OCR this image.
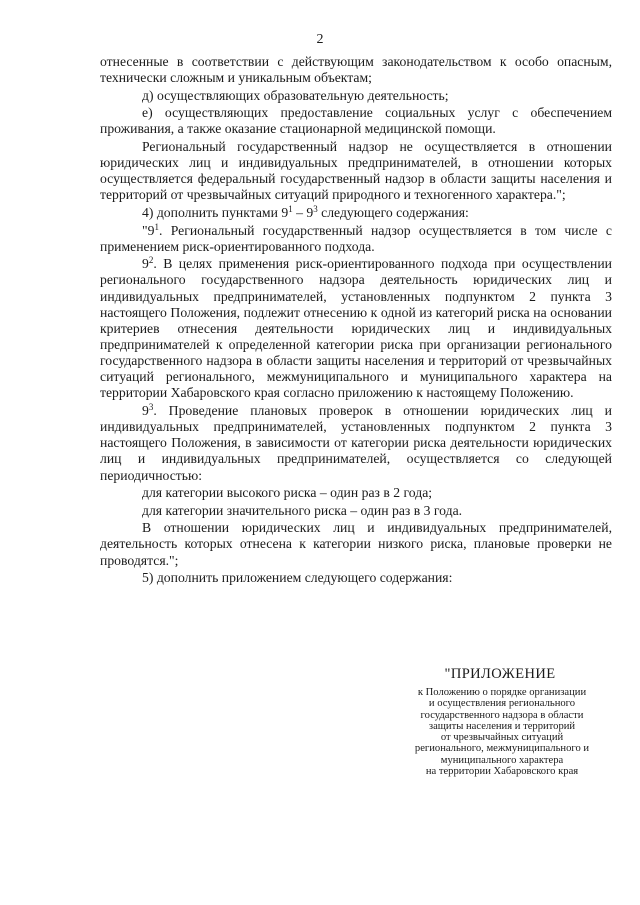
2

отнесенные в соответствии с действующим законодательством к особо опасным, технически сложным и уникальным объектам;

д) осуществляющих образовательную деятельность;

е) осуществляющих предоставление социальных услуг с обеспечением проживания, а также оказание стационарной медицинской помощи.

Региональный государственный надзор не осуществляется в отношении юридических лиц и индивидуальных предпринимателей, в отношении которых осуществляется федеральный государственный надзор в области защиты населения и территорий от чрезвычайных ситуаций природного и техногенного характера.";

4) дополнить пунктами $9^1 - 9^3$ следующего содержания:

"$9^1$. Региональный государственный надзор осуществляется в том числе с применением риск-ориентированного подхода.

$9^2$. В целях применения риск-ориентированного подхода при осуществлении регионального государственного надзора деятельность юридических лиц и индивидуальных предпринимателей, установленных подпунктом 2 пункта 3 настоящего Положения, подлежит отнесению к одной из категорий риска на основании критериев отнесения деятельности юридических лиц и индивидуальных предпринимателей к определенной категории риска при организации регионального государственного надзора в области защиты населения и территорий от чрезвычайных ситуаций регионального, межмуниципального и муниципального характера на территории Хабаровского края согласно приложению к настоящему Положению.

$9^3$. Проведение плановых проверок в отношении юридических лиц и индивидуальных предпринимателей, установленных подпунктом 2 пункта 3 настоящего Положения, в зависимости от категории риска деятельности юридических лиц и индивидуальных предпринимателей, осуществляется со следующей периодичностью:

для категории высокого риска – один раз в 2 года;

для категории значительного риска – один раз в 3 года.

В отношении юридических лиц и индивидуальных предпринимателей, деятельность которых отнесена к категории низкого риска, плановые проверки не проводятся.";

5) дополнить приложением следующего содержания:

"ПРИЛОЖЕНИЕ
к Положению о порядке организации
и осуществления регионального
государственного надзора в области
защиты населения и территорий
от чрезвычайных ситуаций
регионального, межмуниципального и
муниципального характера
на территории Хабаровского края
